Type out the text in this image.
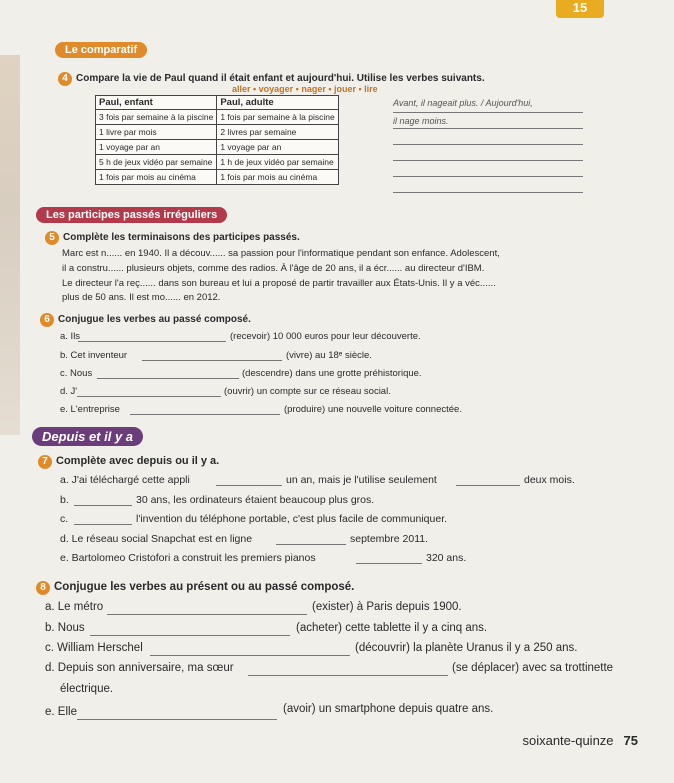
15
Le comparatif
4 Compare la vie de Paul quand il était enfant et aujourd'hui. Utilise les verbes suivants.
aller • voyager • nager • jouer • lire
Paul, enfant	Paul, adulte
3 fois par semaine à la piscine	1 fois par semaine à la piscine
1 livre par mois	2 livres par semaine
1 voyage par an	1 voyage par an
5 h de jeux vidéo par semaine	1 h de jeux vidéo par semaine
1 fois par mois au cinéma	1 fois par mois au cinéma
Avant, il nageait plus. / Aujourd'hui,
il nage moins.
Les participes passés irréguliers
5 Complète les terminaisons des participes passés.
Marc est n...... en 1940. Il a découv...... sa passion pour l'informatique pendant son enfance. Adolescent,
il a constru...... plusieurs objets, comme des radios. À l'âge de 20 ans, il a écr...... au directeur d'IBM.
Le directeur l'a reç...... dans son bureau et lui a proposé de partir travailler aux États-Unis. Il y a véc......
plus de 50 ans. Il est mo...... en 2012.
6 Conjugue les verbes au passé composé.
a. Ils	(recevoir) 10 000 euros pour leur découverte.
b. Cet inventeur	(vivre) au 18ᵉ siècle.
c. Nous	(descendre) dans une grotte préhistorique.
d. J'	(ouvrir) un compte sur ce réseau social.
e. L'entreprise	(produire) une nouvelle voiture connectée.
Depuis et il y a
7 Complète avec depuis ou il y a.
a. J'ai téléchargé cette appli	un an, mais je l'utilise seulement	deux mois.
b.	30 ans, les ordinateurs étaient beaucoup plus gros.
c.	l'invention du téléphone portable, c'est plus facile de communiquer.
d. Le réseau social Snapchat est en ligne	septembre 2011.
e. Bartolomeo Cristofori a construit les premiers pianos	320 ans.
8 Conjugue les verbes au présent ou au passé composé.
a. Le métro	(exister) à Paris depuis 1900.
b. Nous	(acheter) cette tablette il y a cinq ans.
c. William Herschel	(découvrir) la planète Uranus il y a 250 ans.
d. Depuis son anniversaire, ma sœur	(se déplacer) avec sa trottinette
électrique.
e. Elle	(avoir) un smartphone depuis quatre ans.
soixante-quinze 75
